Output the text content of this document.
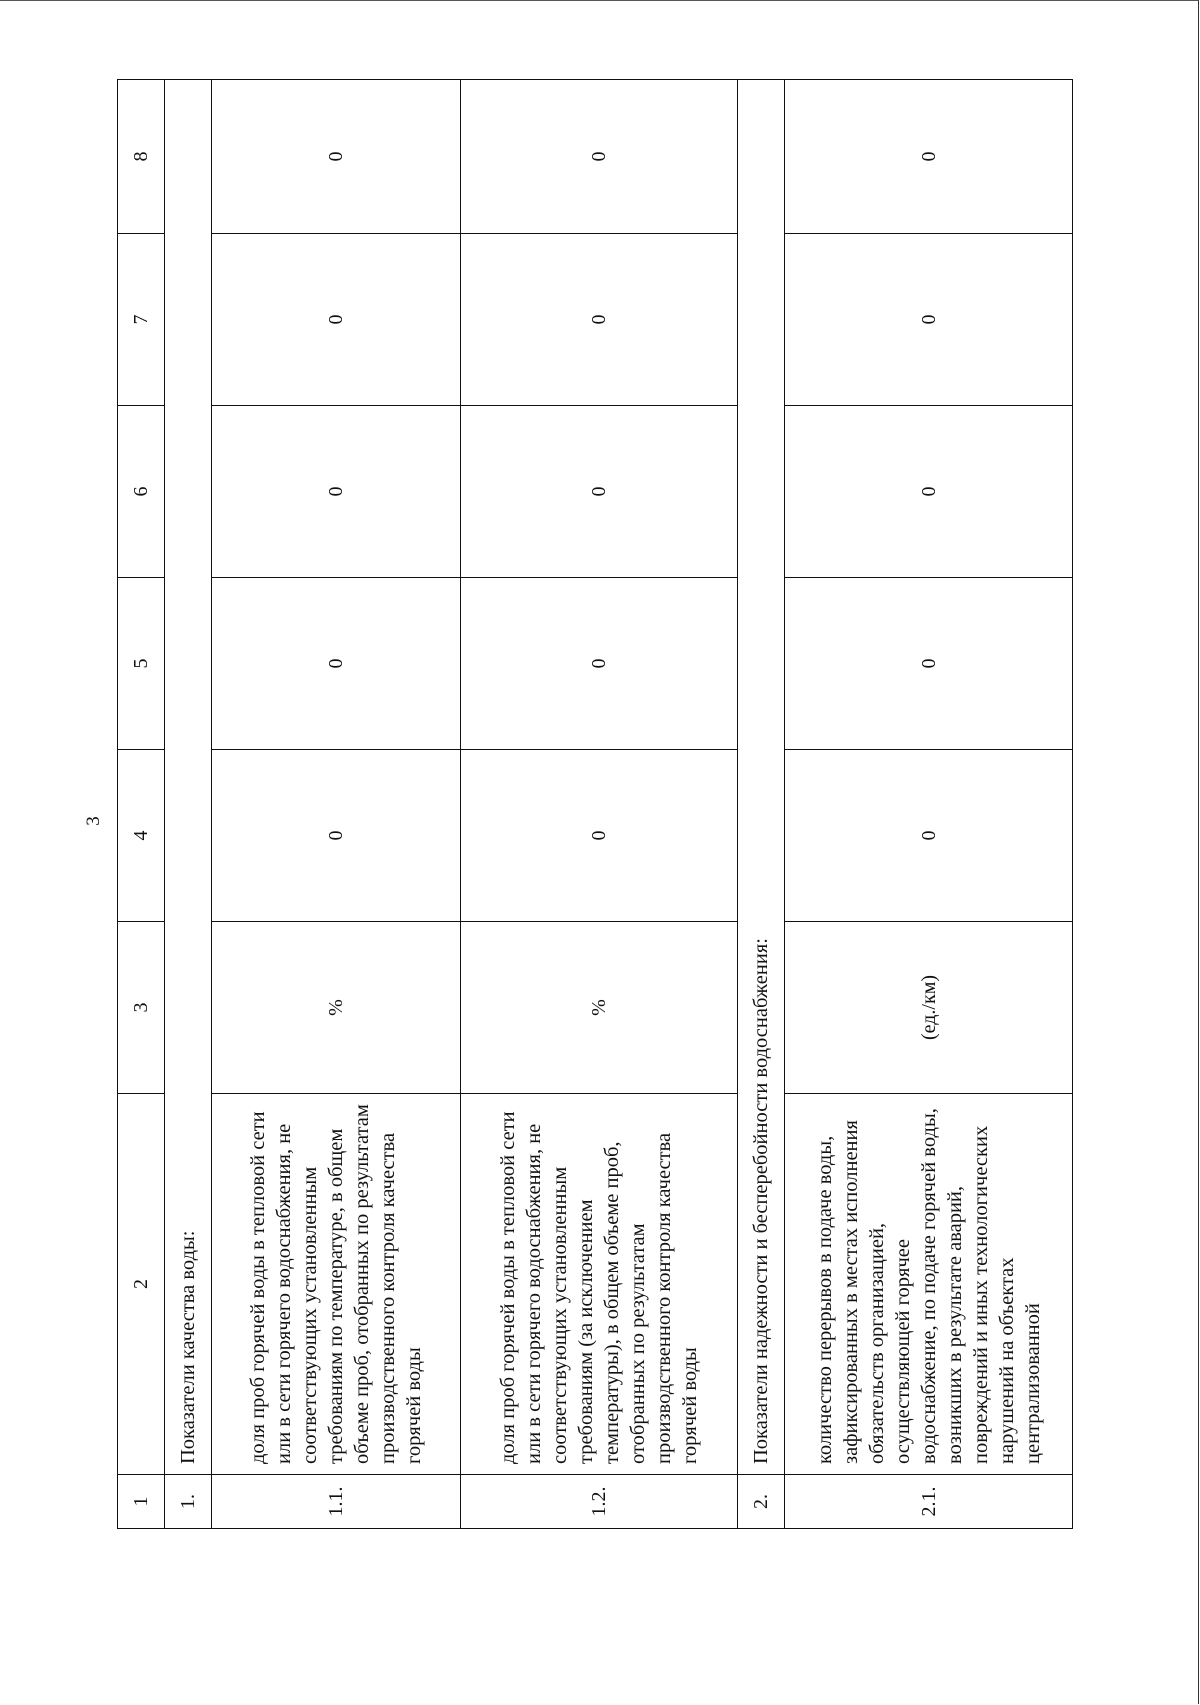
3
1	2	3	4	5	6	7	8
1.	Показатели качества воды:						
1.1.	доля проб горячей воды в тепловой сети или в сети горячего водоснабжения, не соответствующих установленным требованиям по температуре, в общем объеме проб, отобранных по результатам производственного контроля качества горячей воды	%	0	0	0	0	0
1.2.	доля проб горячей воды в тепловой сети или в сети горячего водоснабжения, не соответствующих установленным требованиям (за исключением температуры), в общем объеме проб, отобранных по результатам производственного контроля качества горячей воды	%	0	0	0	0	0
2.	Показатели надежности и бесперебойности водоснабжения:						
2.1.	количество перерывов в подаче воды, зафиксированных в местах исполнения обязательств организацией, осуществляющей горячее водоснабжение, по подаче горячей воды, возникших в результате аварий, повреждений и иных технологических нарушений на объектах централизованной	(ед./км)	0	0	0	0	0
